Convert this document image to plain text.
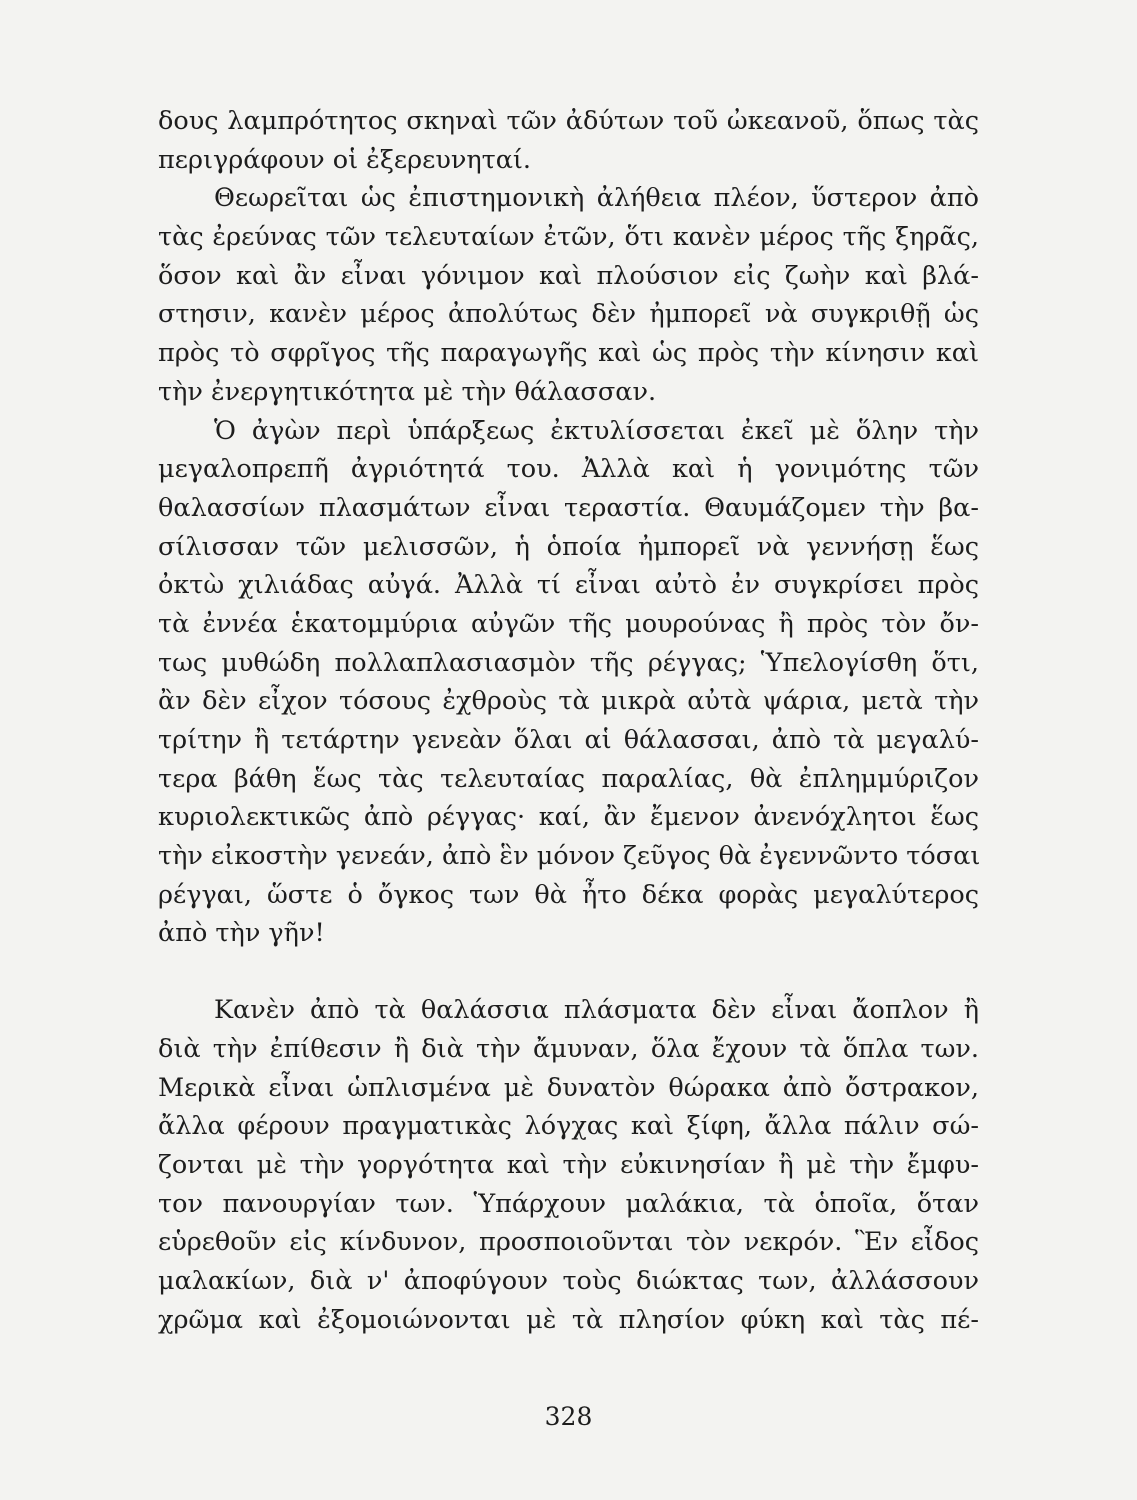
δους λαμπρότητος σκηναὶ τῶν ἀδύτων τοῦ ὠκεανοῦ, ὅπως τὰς
περιγράφουν οἱ ἐξερευνηταί.
Θεωρεῖται ὡς ἐπιστημονικὴ ἀλήθεια πλέον, ὕστερον ἀπὸ
τὰς ἐρεύνας τῶν τελευταίων ἐτῶν, ὅτι κανὲν μέρος τῆς ξηρᾶς,
ὅσον καὶ ἂν εἶναι γόνιμον καὶ πλούσιον εἰς ζωὴν καὶ βλά-
στησιν, κανὲν μέρος ἀπολύτως δὲν ἠμπορεῖ νὰ συγκριθῇ ὡς
πρὸς τὸ σφρῖγος τῆς παραγωγῆς καὶ ὡς πρὸς τὴν κίνησιν καὶ
τὴν ἐνεργητικότητα μὲ τὴν θάλασσαν.
Ὁ ἀγὼν περὶ ὑπάρξεως ἐκτυλίσσεται ἐκεῖ μὲ ὅλην τὴν
μεγαλοπρεπῆ ἀγριότητά του. Ἀλλὰ καὶ ἡ γονιμότης τῶν
θαλασσίων πλασμάτων εἶναι τεραστία. Θαυμάζομεν τὴν βα-
σίλισσαν τῶν μελισσῶν, ἡ ὁποία ἠμπορεῖ νὰ γεννήσῃ ἕως
ὀκτὼ χιλιάδας αὐγά. Ἀλλὰ τί εἶναι αὐτὸ ἐν συγκρίσει πρὸς
τὰ ἐννέα ἑκατομμύρια αὐγῶν τῆς μουρούνας ἢ πρὸς τὸν ὄν-
τως μυθώδη πολλαπλασιασμὸν τῆς ρέγγας; Ὑπελογίσθη ὅτι,
ἂν δὲν εἶχον τόσους ἐχθροὺς τὰ μικρὰ αὐτὰ ψάρια, μετὰ τὴν
τρίτην ἢ τετάρτην γενεὰν ὅλαι αἱ θάλασσαι, ἀπὸ τὰ μεγαλύ-
τερα βάθη ἕως τὰς τελευταίας παραλίας, θὰ ἐπλημμύριζον
κυριολεκτικῶς ἀπὸ ρέγγας· καί, ἂν ἔμενον ἀνενόχλητοι ἕως
τὴν εἰκοστὴν γενεάν, ἀπὸ ἓν μόνον ζεῦγος θὰ ἐγεννῶντο τόσαι
ρέγγαι, ὥστε ὁ ὄγκος των θὰ ἦτο δέκα φορὰς μεγαλύτερος
ἀπὸ τὴν γῆν!
Κανὲν ἀπὸ τὰ θαλάσσια πλάσματα δὲν εἶναι ἄοπλον ἢ
διὰ τὴν ἐπίθεσιν ἢ διὰ τὴν ἄμυναν, ὅλα ἔχουν τὰ ὅπλα των.
Μερικὰ εἶναι ὡπλισμένα μὲ δυνατὸν θώρακα ἀπὸ ὄστρακον,
ἄλλα φέρουν πραγματικὰς λόγχας καὶ ξίφη, ἄλλα πάλιν σώ-
ζονται μὲ τὴν γοργότητα καὶ τὴν εὐκινησίαν ἢ μὲ τὴν ἔμφυ-
τον πανουργίαν των. Ὑπάρχουν μαλάκια, τὰ ὁποῖα, ὅταν
εὑρεθοῦν εἰς κίνδυνον, προσποιοῦνται τὸν νεκρόν. Ἓν εἶδος
μαλακίων, διὰ ν' ἀποφύγουν τοὺς διώκτας των, ἀλλάσσουν
χρῶμα καὶ ἐξομοιώνονται μὲ τὰ πλησίον φύκη καὶ τὰς πέ-
328
